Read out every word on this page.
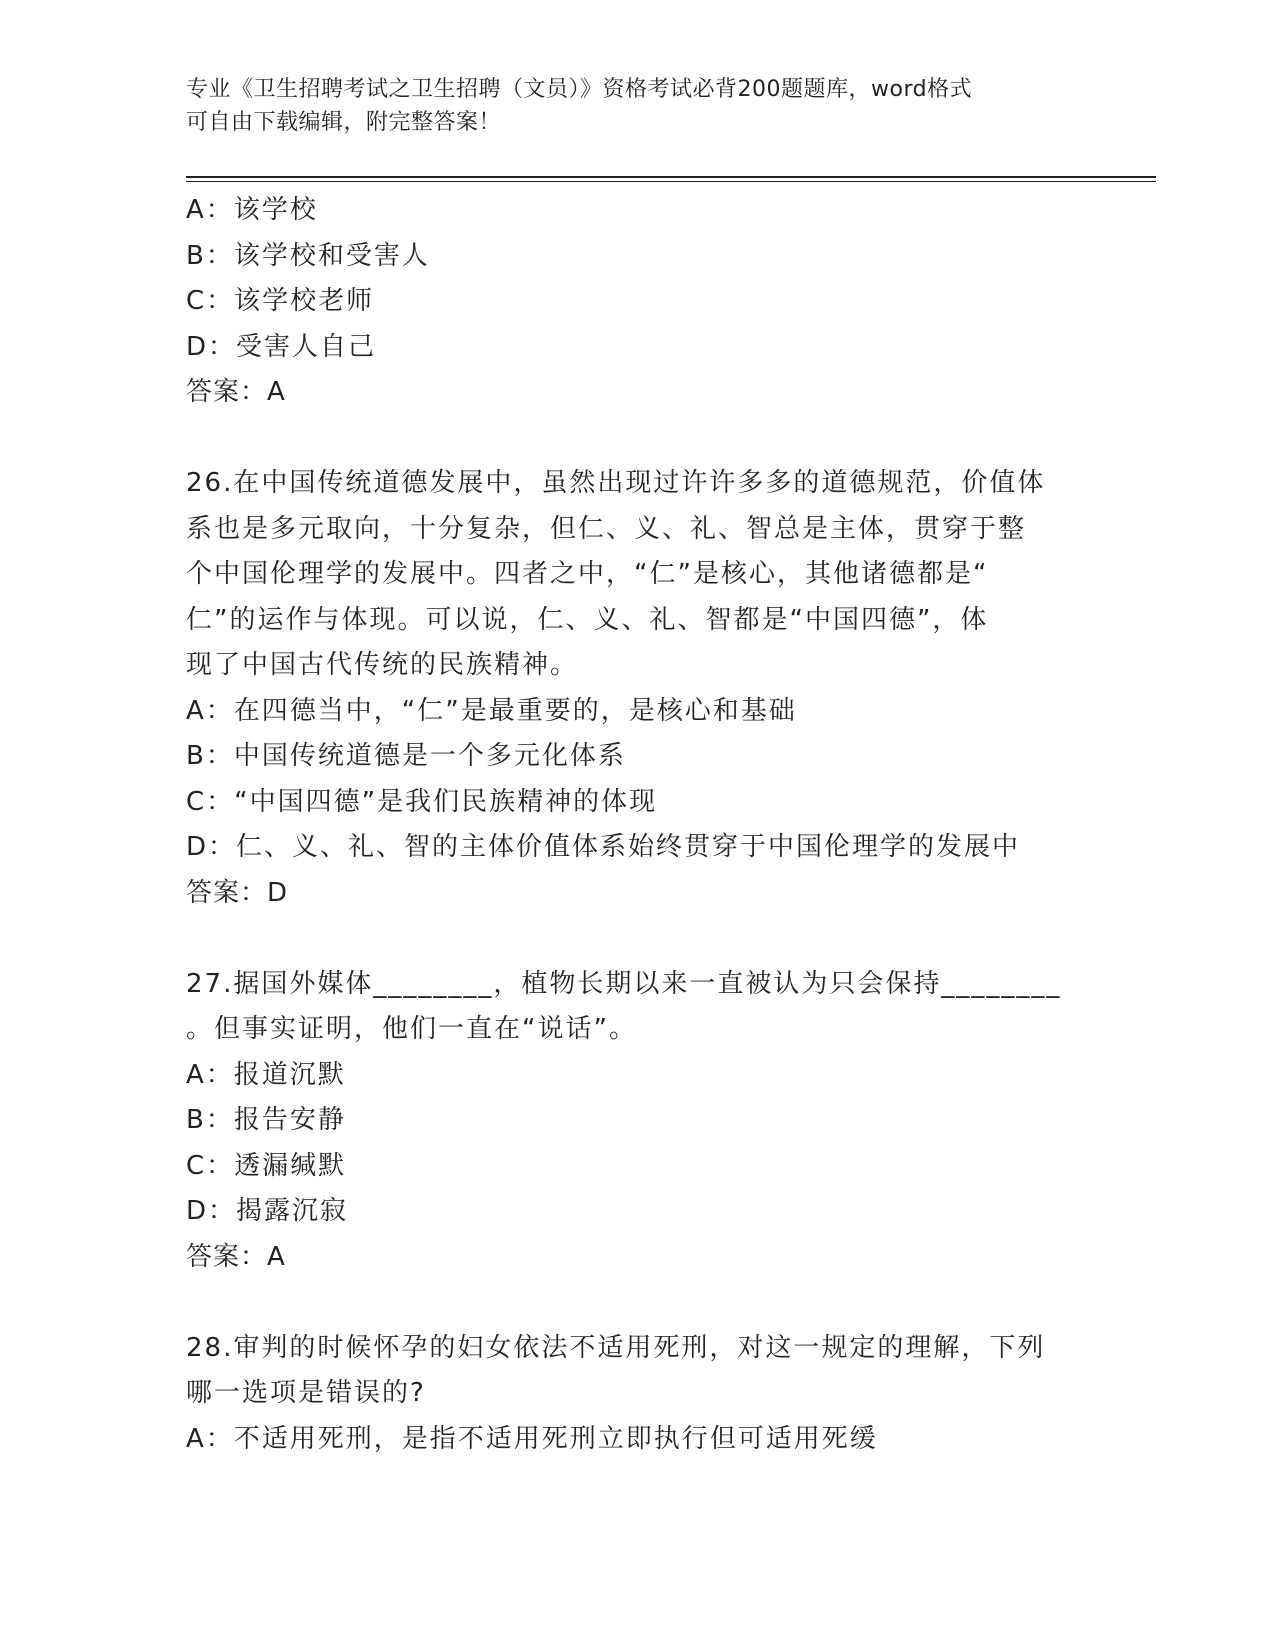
专业《卫生招聘考试之卫生招聘（文员）》资格考试必背200题题库，word格式
可自由下载编辑，附完整答案！
A：该学校
B：该学校和受害人
C：该学校老师
D：受害人自己
答案：A
26.在中国传统道德发展中，虽然出现过许许多多的道德规范，价值体
系也是多元取向，十分复杂，但仁、义、礼、智总是主体，贯穿于整
个中国伦理学的发展中。四者之中，“仁”是核心，其他诸德都是“
仁”的运作与体现。可以说，仁、义、礼、智都是“中国四德”，体
现了中国古代传统的民族精神。
A：在四德当中，“仁”是最重要的，是核心和基础
B：中国传统道德是一个多元化体系
C：“中国四德”是我们民族精神的体现
D：仁、义、礼、智的主体价值体系始终贯穿于中国伦理学的发展中
答案：D
27.据国外媒体________，植物长期以来一直被认为只会保持________
。但事实证明，他们一直在“说话”。
A：报道沉默
B：报告安静
C：透漏缄默
D：揭露沉寂
答案：A
28.审判的时候怀孕的妇女依法不适用死刑，对这一规定的理解，下列
哪一选项是错误的?
A：不适用死刑，是指不适用死刑立即执行但可适用死缓
